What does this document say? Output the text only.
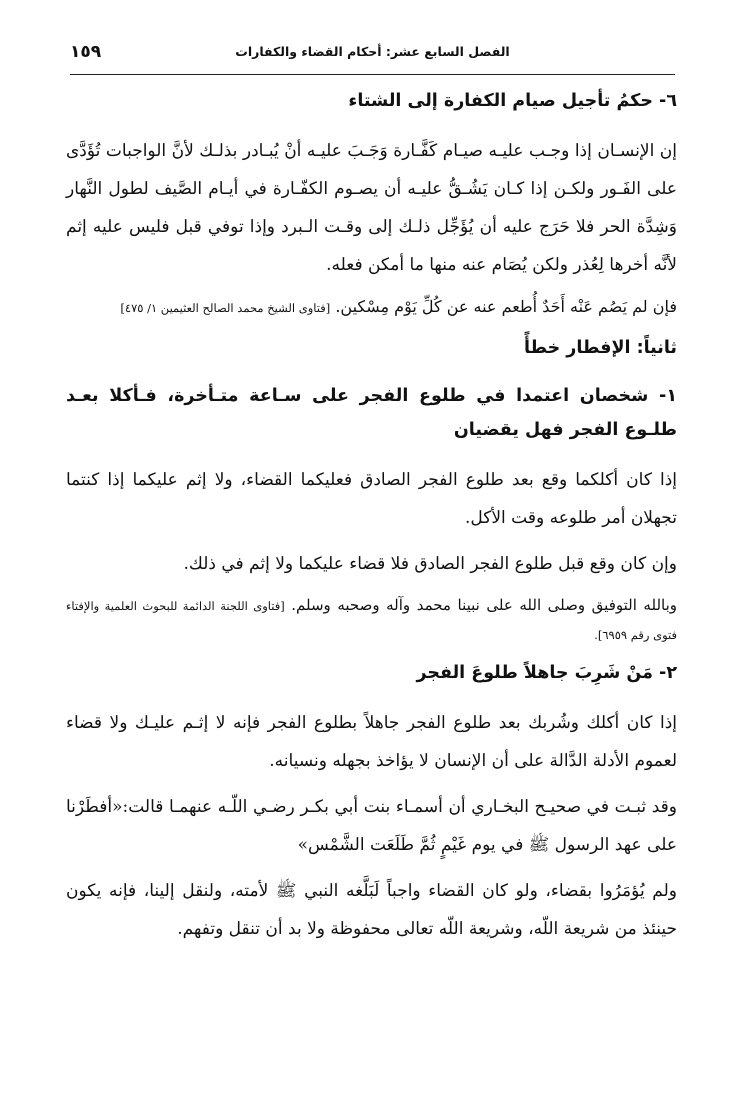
١٥٩	الفصل السابع عشر: أحكام القضاء والكفارات
٦- حكمُ تأجيل صيام الكفارة إلى الشتاء
إن الإنسـان إذا وجـب عليـه صيـام كَفَّـارة وَجَـبَ عليـه أنْ يُبـادر بذلـك لأنَّ الواجبات تُؤَدَّى على الفَـور ولكـن إذا كـان يَشُـقُّ عليـه أن يصـوم الكفّـارة في أيـام الصَّيف لطول النَّهار وَشِدَّة الحر فلا حَرَج عليه أن يُؤَجِّل ذلـك إلى وقـت الـبرد وإذا توفي قبل فليس عليه إثم لأنَّه أخرها لِعُذر ولكن يُصَام عنه منها ما أمكن فعله.
فإن لم يَصُم عَنْه أَحَدٌ أُطعم عنه عن كُلِّ يَوْم مِسْكين. [فتاوى الشيخ محمد الصالح العثيمين ١/ ٤٧٥]
ثانياً: الإفطار خطأً
١- شخصان اعتمدا في طلوع الفجر على سـاعة متـأخرة، فـأكلا بعـد طلـوع الفجر فهل يقضيان
إذا كان أكلكما وقع بعد طلوع الفجر الصادق فعليكما القضاء، ولا إثم عليكما إذا كنتما تجهلان أمر طلوعه وقت الأكل.
وإن كان وقع قبل طلوع الفجر الصادق فلا قضاء عليكما ولا إثم في ذلك.
وبالله التوفيق وصلى الله على نبينا محمد وآله وصحبه وسلم. [فتاوى اللجنة الدائمة للبحوث العلمية والإفتاء فتوى رقم ٦٩٥٩].
٢- مَنْ شَرِبَ جاهلاً طلوعَ الفجر
إذا كان أكلك وشُربك بعد طلوع الفجر جاهلاً بطلوع الفجر فإنه لا إثـم عليـك ولا قضاء لعموم الأدلة الدَّالة على أن الإنسان لا يؤاخذ بجهله ونسيانه.
وقد ثبـت في صحيـح البخـاري أن أسمـاء بنت أبي بكـر رضـي اللّـه عنهمـا قالت:«أفطَرْنا على عهد الرسول ﷺ في يوم غَيْمٍ ثُمَّ طَلَعَت الشَّمْس»
ولم يُؤمَرُوا بقضاء، ولو كان القضاء واجباً لَبَلَّغه النبي ﷺ لأمته، ولنقل إلينا، فإنه يكون حينئذ من شريعة اللّه، وشريعة اللّه تعالى محفوظة ولا بد أن تنقل وتفهم.
